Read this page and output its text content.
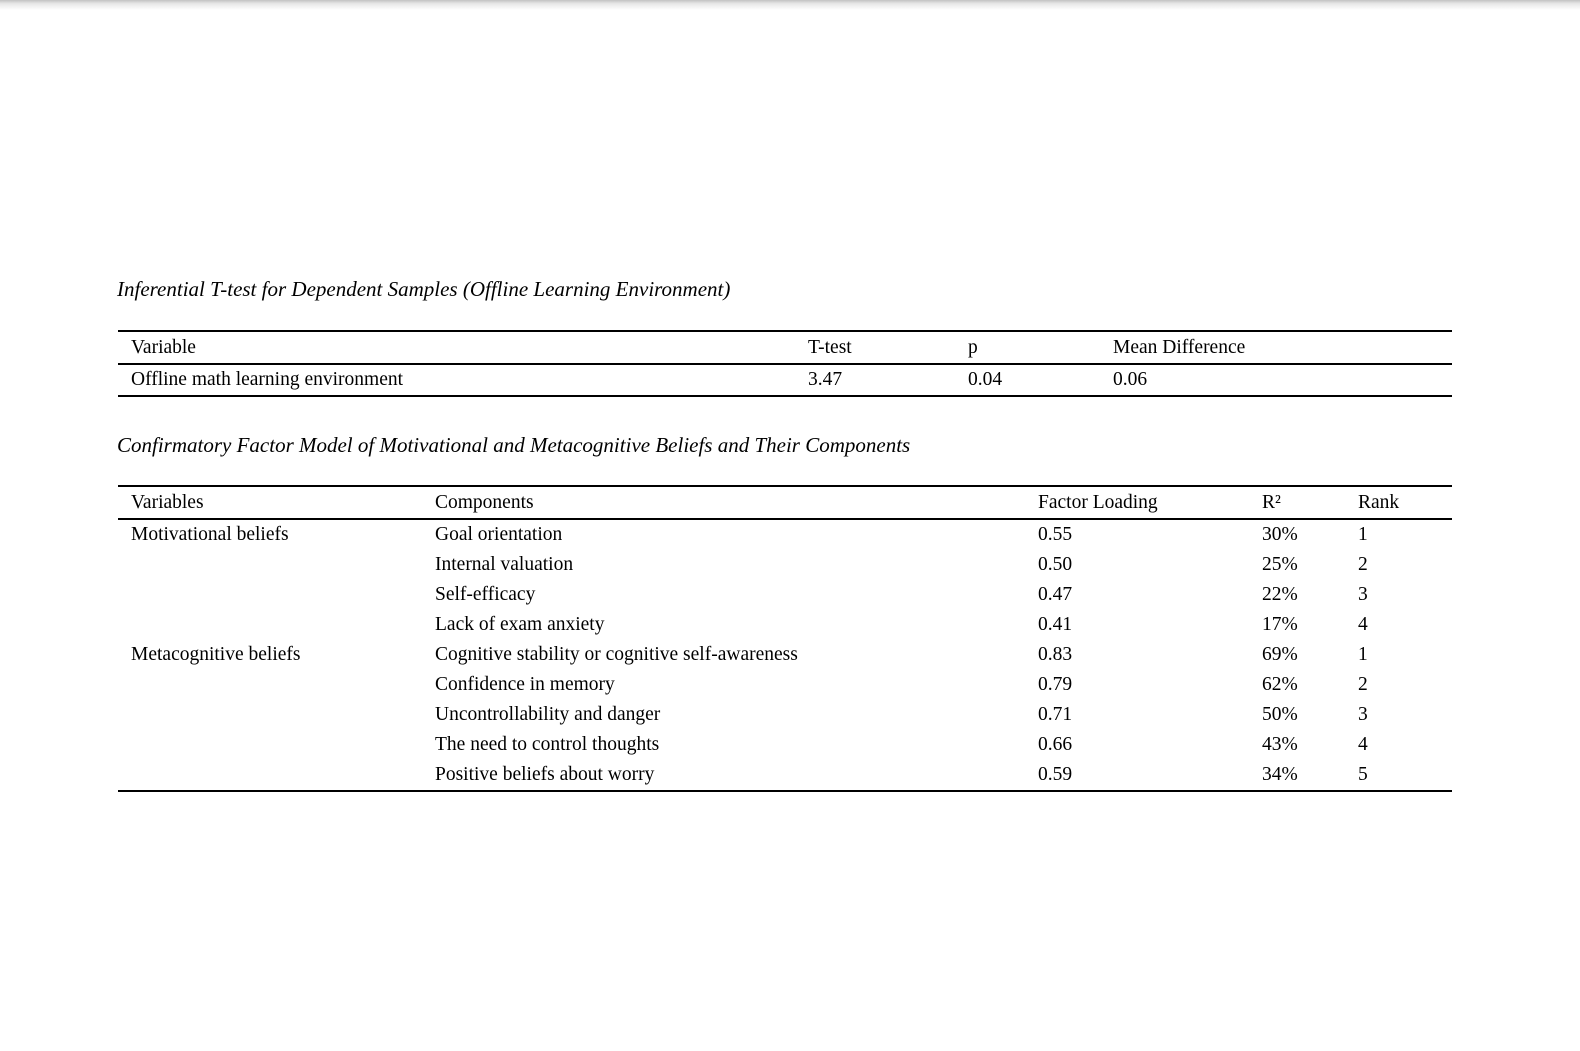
Inferential T-test for Dependent Samples (Offline Learning Environment)
Variable	T-test	p	Mean Difference
Offline math learning environment	3.47	0.04	0.06
Confirmatory Factor Model of Motivational and Metacognitive Beliefs and Their Components
Variables	Components	Factor Loading	R²	Rank
Motivational beliefs	Goal orientation	0.55	30%	1
	Internal valuation	0.50	25%	2
	Self-efficacy	0.47	22%	3
	Lack of exam anxiety	0.41	17%	4
Metacognitive beliefs	Cognitive stability or cognitive self-awareness	0.83	69%	1
	Confidence in memory	0.79	62%	2
	Uncontrollability and danger	0.71	50%	3
	The need to control thoughts	0.66	43%	4
	Positive beliefs about worry	0.59	34%	5
